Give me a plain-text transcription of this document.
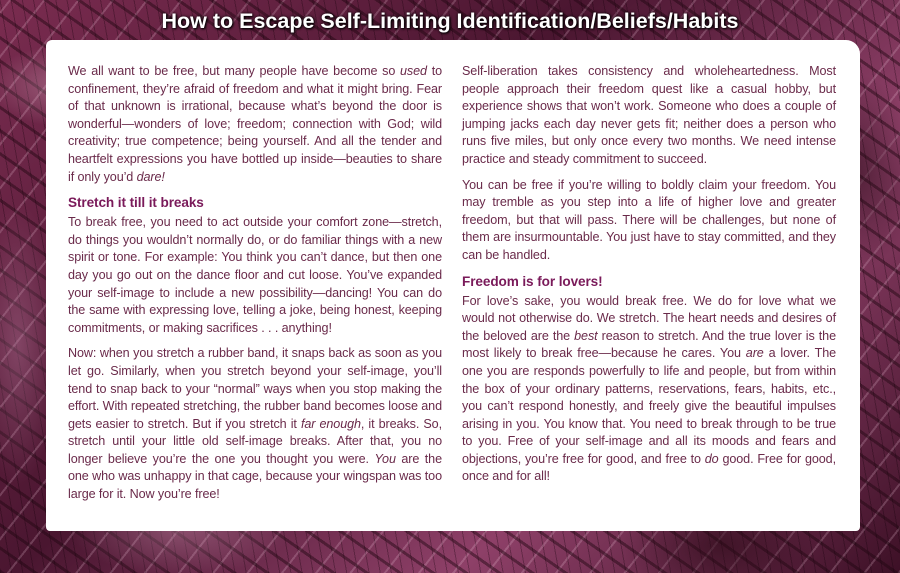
How to Escape Self-Limiting Identification/Beliefs/Habits

We all want to be free, but many people have become so used to confinement, they’re afraid of freedom and what it might bring. Fear of that unknown is irrational, because what’s beyond the door is wonderful—wonders of love; freedom; connection with God; wild creativity; true competence; being yourself. And all the tender and heartfelt expressions you have bottled up inside—beauties to share if only you’d dare!

Stretch it till it breaks

To break free, you need to act outside your comfort zone—stretch, do things you wouldn’t normally do, or do familiar things with a new spirit or tone. For example: You think you can’t dance, but then one day you go out on the dance floor and cut loose. You’ve expanded your self-image to include a new possibility—dancing! You can do the same with expressing love, telling a joke, being honest, keeping commitments, or making sacrifices . . . anything!

Now: when you stretch a rubber band, it snaps back as soon as you let go. Similarly, when you stretch beyond your self-image, you’ll tend to snap back to your “normal” ways when you stop making the effort. With repeated stretching, the rubber band becomes loose and gets easier to stretch. But if you stretch it far enough, it breaks. So, stretch until your little old self-image breaks. After that, you no longer believe you’re the one you thought you were. You are the one who was unhappy in that cage, because your wingspan was too large for it. Now you’re free!

Self-liberation takes consistency and wholeheartedness. Most people approach their freedom quest like a casual hobby, but experience shows that won’t work. Someone who does a couple of jumping jacks each day never gets fit; neither does a person who runs five miles, but only once every two months. We need intense practice and steady commitment to succeed.

You can be free if you’re willing to boldly claim your freedom. You may tremble as you step into a life of higher love and greater freedom, but that will pass. There will be challenges, but none of them are insurmountable. You just have to stay committed, and they can be handled.

Freedom is for lovers!

For love’s sake, you would break free. We do for love what we would not otherwise do. We stretch. The heart needs and desires of the beloved are the best reason to stretch. And the true lover is the most likely to break free—because he cares. You are a lover. The one you are responds powerfully to life and people, but from within the box of your ordinary patterns, reservations, fears, habits, etc., you can’t respond honestly, and freely give the beautiful impulses arising in you. You know that. You need to break through to be true to you. Free of your self-image and all its moods and fears and objections, you’re free for good, and free to do good. Free for good, once and for all!
